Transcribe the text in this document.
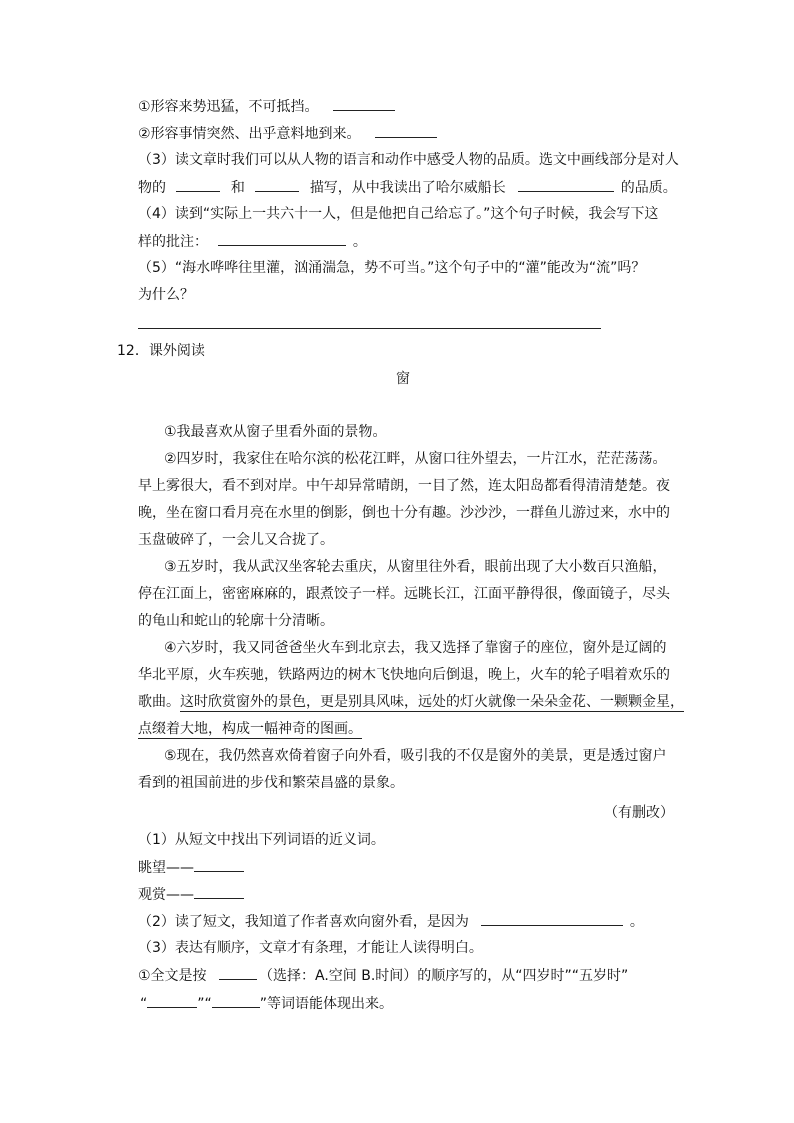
①形容来势迅猛，不可抵挡。
②形容事情突然、出乎意料地到来。
（3）读文章时我们可以从人物的语言和动作中感受人物的品质。选文中画线部分是对人
物的	和	描写，从中我读出了哈尔威船长	的品质。
（4）读到“实际上一共六十一人，但是他把自己给忘了。”这个句子时候，我会写下这
样的批注：	。
（5）“海水哗哗往里灌，汹涌湍急，势不可当。”这个句子中的“灌”能改为“流”吗？
为什么？
12．课外阅读
窗
①我最喜欢从窗子里看外面的景物。
②四岁时，我家住在哈尔滨的松花江畔，从窗口往外望去，一片江水，茫茫荡荡。
早上雾很大，看不到对岸。中午却异常晴朗，一目了然，连太阳岛都看得清清楚楚。夜
晚，坐在窗口看月亮在水里的倒影，倒也十分有趣。沙沙沙，一群鱼儿游过来，水中的
玉盘破碎了，一会儿又合拢了。
③五岁时，我从武汉坐客轮去重庆，从窗里往外看，眼前出现了大小数百只渔船，
停在江面上，密密麻麻的，跟煮饺子一样。远眺长江，江面平静得很，像面镜子，尽头
的龟山和蛇山的轮廓十分清晰。
④六岁时，我又同爸爸坐火车到北京去，我又选择了靠窗子的座位，窗外是辽阔的
华北平原，火车疾驰，铁路两边的树木飞快地向后倒退，晚上，火车的轮子唱着欢乐的
歌曲。这时欣赏窗外的景色，更是别具风味，远处的灯火就像一朵朵金花、一颗颗金星，
点缀着大地，构成一幅神奇的图画。
⑤现在，我仍然喜欢倚着窗子向外看，吸引我的不仅是窗外的美景，更是透过窗户
看到的祖国前进的步伐和繁荣昌盛的景象。
（有删改）
（1）从短文中找出下列词语的近义词。
眺望——
观赏——
（2）读了短文，我知道了作者喜欢向窗外看，是因为	。
（3）表达有顺序，文章才有条理，才能让人读得明白。
①全文是按	（选择：A.空间 B.时间）的顺序写的，从“四岁时”“五岁时”
“	”“	”等词语能体现出来。
